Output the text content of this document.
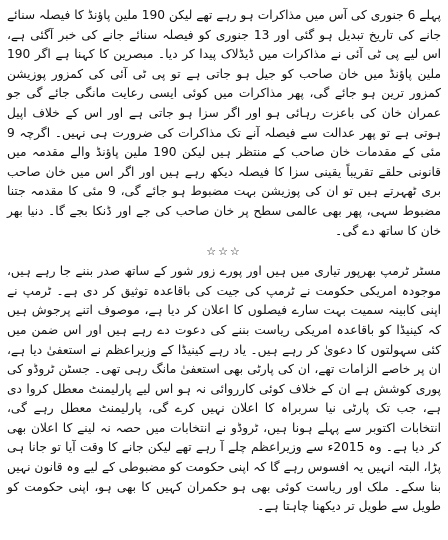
پہلے 6 جنوری کی آس میں مذاکرات ہو رہے تھے لیکن 190 ملین پاؤنڈ کا فیصلہ سنائے جانے کی تاریخ تبدیل ہو گئی اور 13 جنوری کو فیصلہ سنائے جانے کی خبر آگئی ہے، اس لیے پی ٹی آئی نے مذاکرات میں ڈیڈلاک پیدا کر دیا۔ مبصرین کا کہنا ہے اگر 190 ملین پاؤنڈ میں خان صاحب کو جیل ہو جاتی ہے تو پی ٹی آئی کی کمزور پوزیشن کمزور ترین ہو جائے گی، پھر مذاکرات میں کوئی ایسی رعایت مانگی جائے گی جو عمران خان کی باعزت رہائی ہو اور اگر سزا ہو جاتی ہے اور اس کے خلاف اپیل ہوتی ہے تو پھر عدالت سے فیصلہ آنے تک مذاکرات کی ضرورت ہی نہیں۔ اگرچہ 9 مئی کے مقدمات خان صاحب کے منتظر ہیں لیکن 190 ملین پاؤنڈ والے مقدمہ میں قانونی حلقے تقریباً یقینی سزا کا فیصلہ دیکھ رہے ہیں اور اگر اس میں خان صاحب بری ٹھہرتے ہیں تو ان کی پوزیشن بہت مضبوط ہو جائے گی، 9 مئی کا مقدمہ جتنا مضبوط سہی، پھر بھی عالمی سطح پر خان صاحب کی جے اور ڈنکا بجے گا۔ دنیا بھر خان کا ساتھ دے گی۔

☆☆☆

مسٹر ٹرمپ بھرپور تیاری میں ہیں اور پورے زور شور کے ساتھ صدر بننے جا رہے ہیں، موجودہ امریکی حکومت نے ٹرمپ کی جیت کی باقاعدہ توثیق کر دی ہے۔ ٹرمپ نے اپنی کابینہ سمیت بہت سارے فیصلوں کا اعلان کر دیا ہے، موصوف اتنے پرجوش ہیں کہ کینیڈا کو باقاعدہ امریکی ریاست بننے کی دعوت دے رہے ہیں اور اس ضمن میں کئی سہولتوں کا دعویٰ کر رہے ہیں۔ یاد رہے کینیڈا کے وزیراعظم نے استعفیٰ دیا ہے، ان پر خاصے الزامات تھے، ان کی پارٹی بھی استعفیٰ مانگ رہی تھی۔ جسٹن ٹروڈو کی پوری کوشش ہے ان کے خلاف کوئی کارروائی نہ ہو اس لیے پارلیمنٹ معطل کروا دی ہے، جب تک پارٹی نیا سربراہ کا اعلان نہیں کرے گی، پارلیمنٹ معطل رہے گی، انتخابات اکتوبر سے پہلے ہونا ہیں، ٹروڈو نے انتخابات میں حصہ نہ لینے کا اعلان بھی کر دیا ہے۔ وہ 2015ء سے وزیراعظم چلے آ رہے تھے لیکن جانے کا وقت آیا تو جانا ہی پڑا، البتہ انہیں یہ افسوس رہے گا کہ اپنی حکومت کو مضبوطی کے لیے وہ قانون نہیں بنا سکے۔ ملک اور ریاست کوئی بھی ہو حکمران کہیں کا بھی ہو، اپنی حکومت کو طویل سے طویل تر دیکھنا چاہتا ہے۔
